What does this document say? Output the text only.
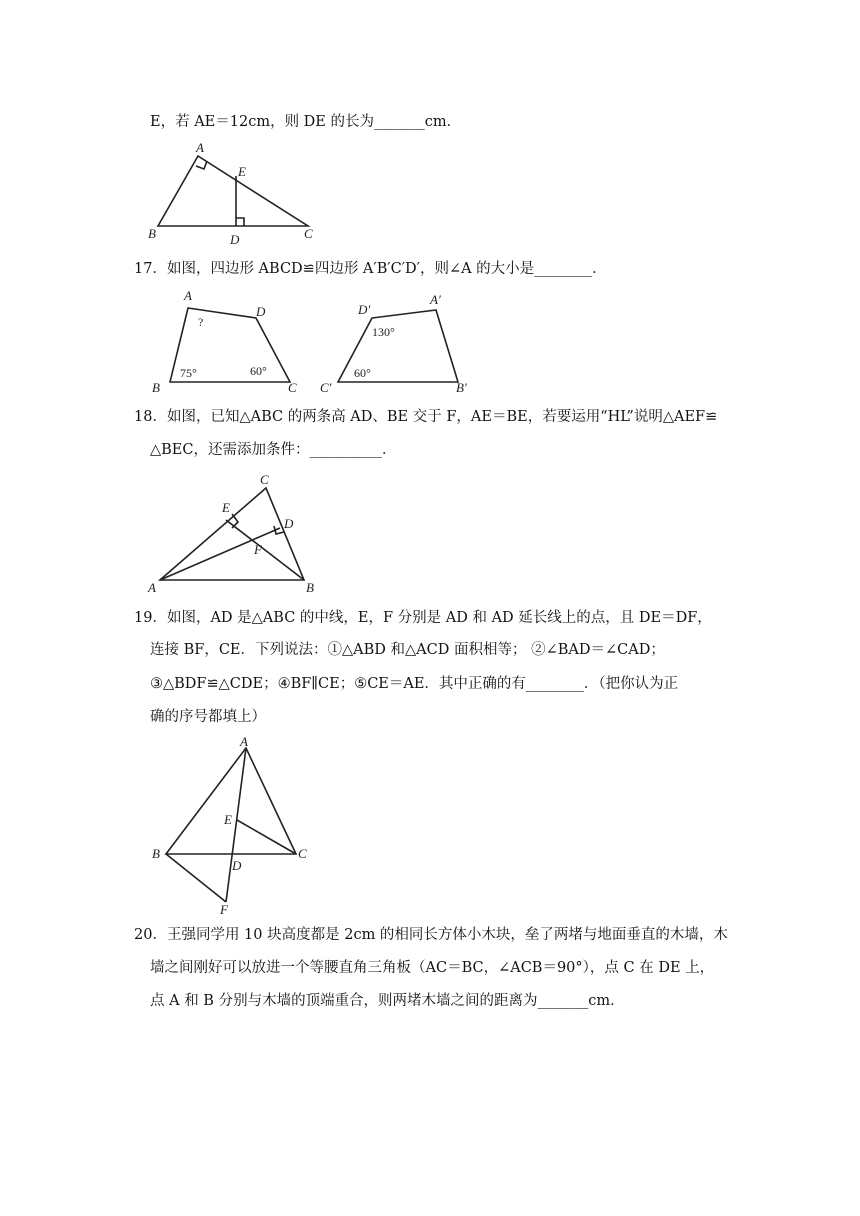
E，若 AE＝12cm，则 DE 的长为_______cm．
A
B	C
D
E
17．如图，四边形 ABCD≌四边形 A′B′C′D′，则∠A 的大小是________．
A
D
B	C
?
75°	60°
D′
A′
C′	B′
130°
60°
18．如图，已知△ABC 的两条高 AD、BE 交于 F，AE＝BE，若要运用“HL”说明△AEF≌
△BEC，还需添加条件：__________．
A	B
C
D
E
F
19．如图，AD 是△ABC 的中线，E，F 分别是 AD 和 AD 延长线上的点，且 DE＝DF，
连接 BF，CE．下列说法：①△ABD 和△ACD 面积相等； ②∠BAD＝∠CAD；
③△BDF≌△CDE；④BF∥CE；⑤CE＝AE．其中正确的有________．（把你认为正
确的序号都填上）
A
B	C
D
E
F
20．王强同学用 10 块高度都是 2cm 的相同长方体小木块，垒了两堵与地面垂直的木墙，木
墙之间刚好可以放进一个等腰直角三角板（AC＝BC，∠ACB＝90°），点 C 在 DE 上，
点 A 和 B 分别与木墙的顶端重合，则两堵木墙之间的距离为_______cm．
